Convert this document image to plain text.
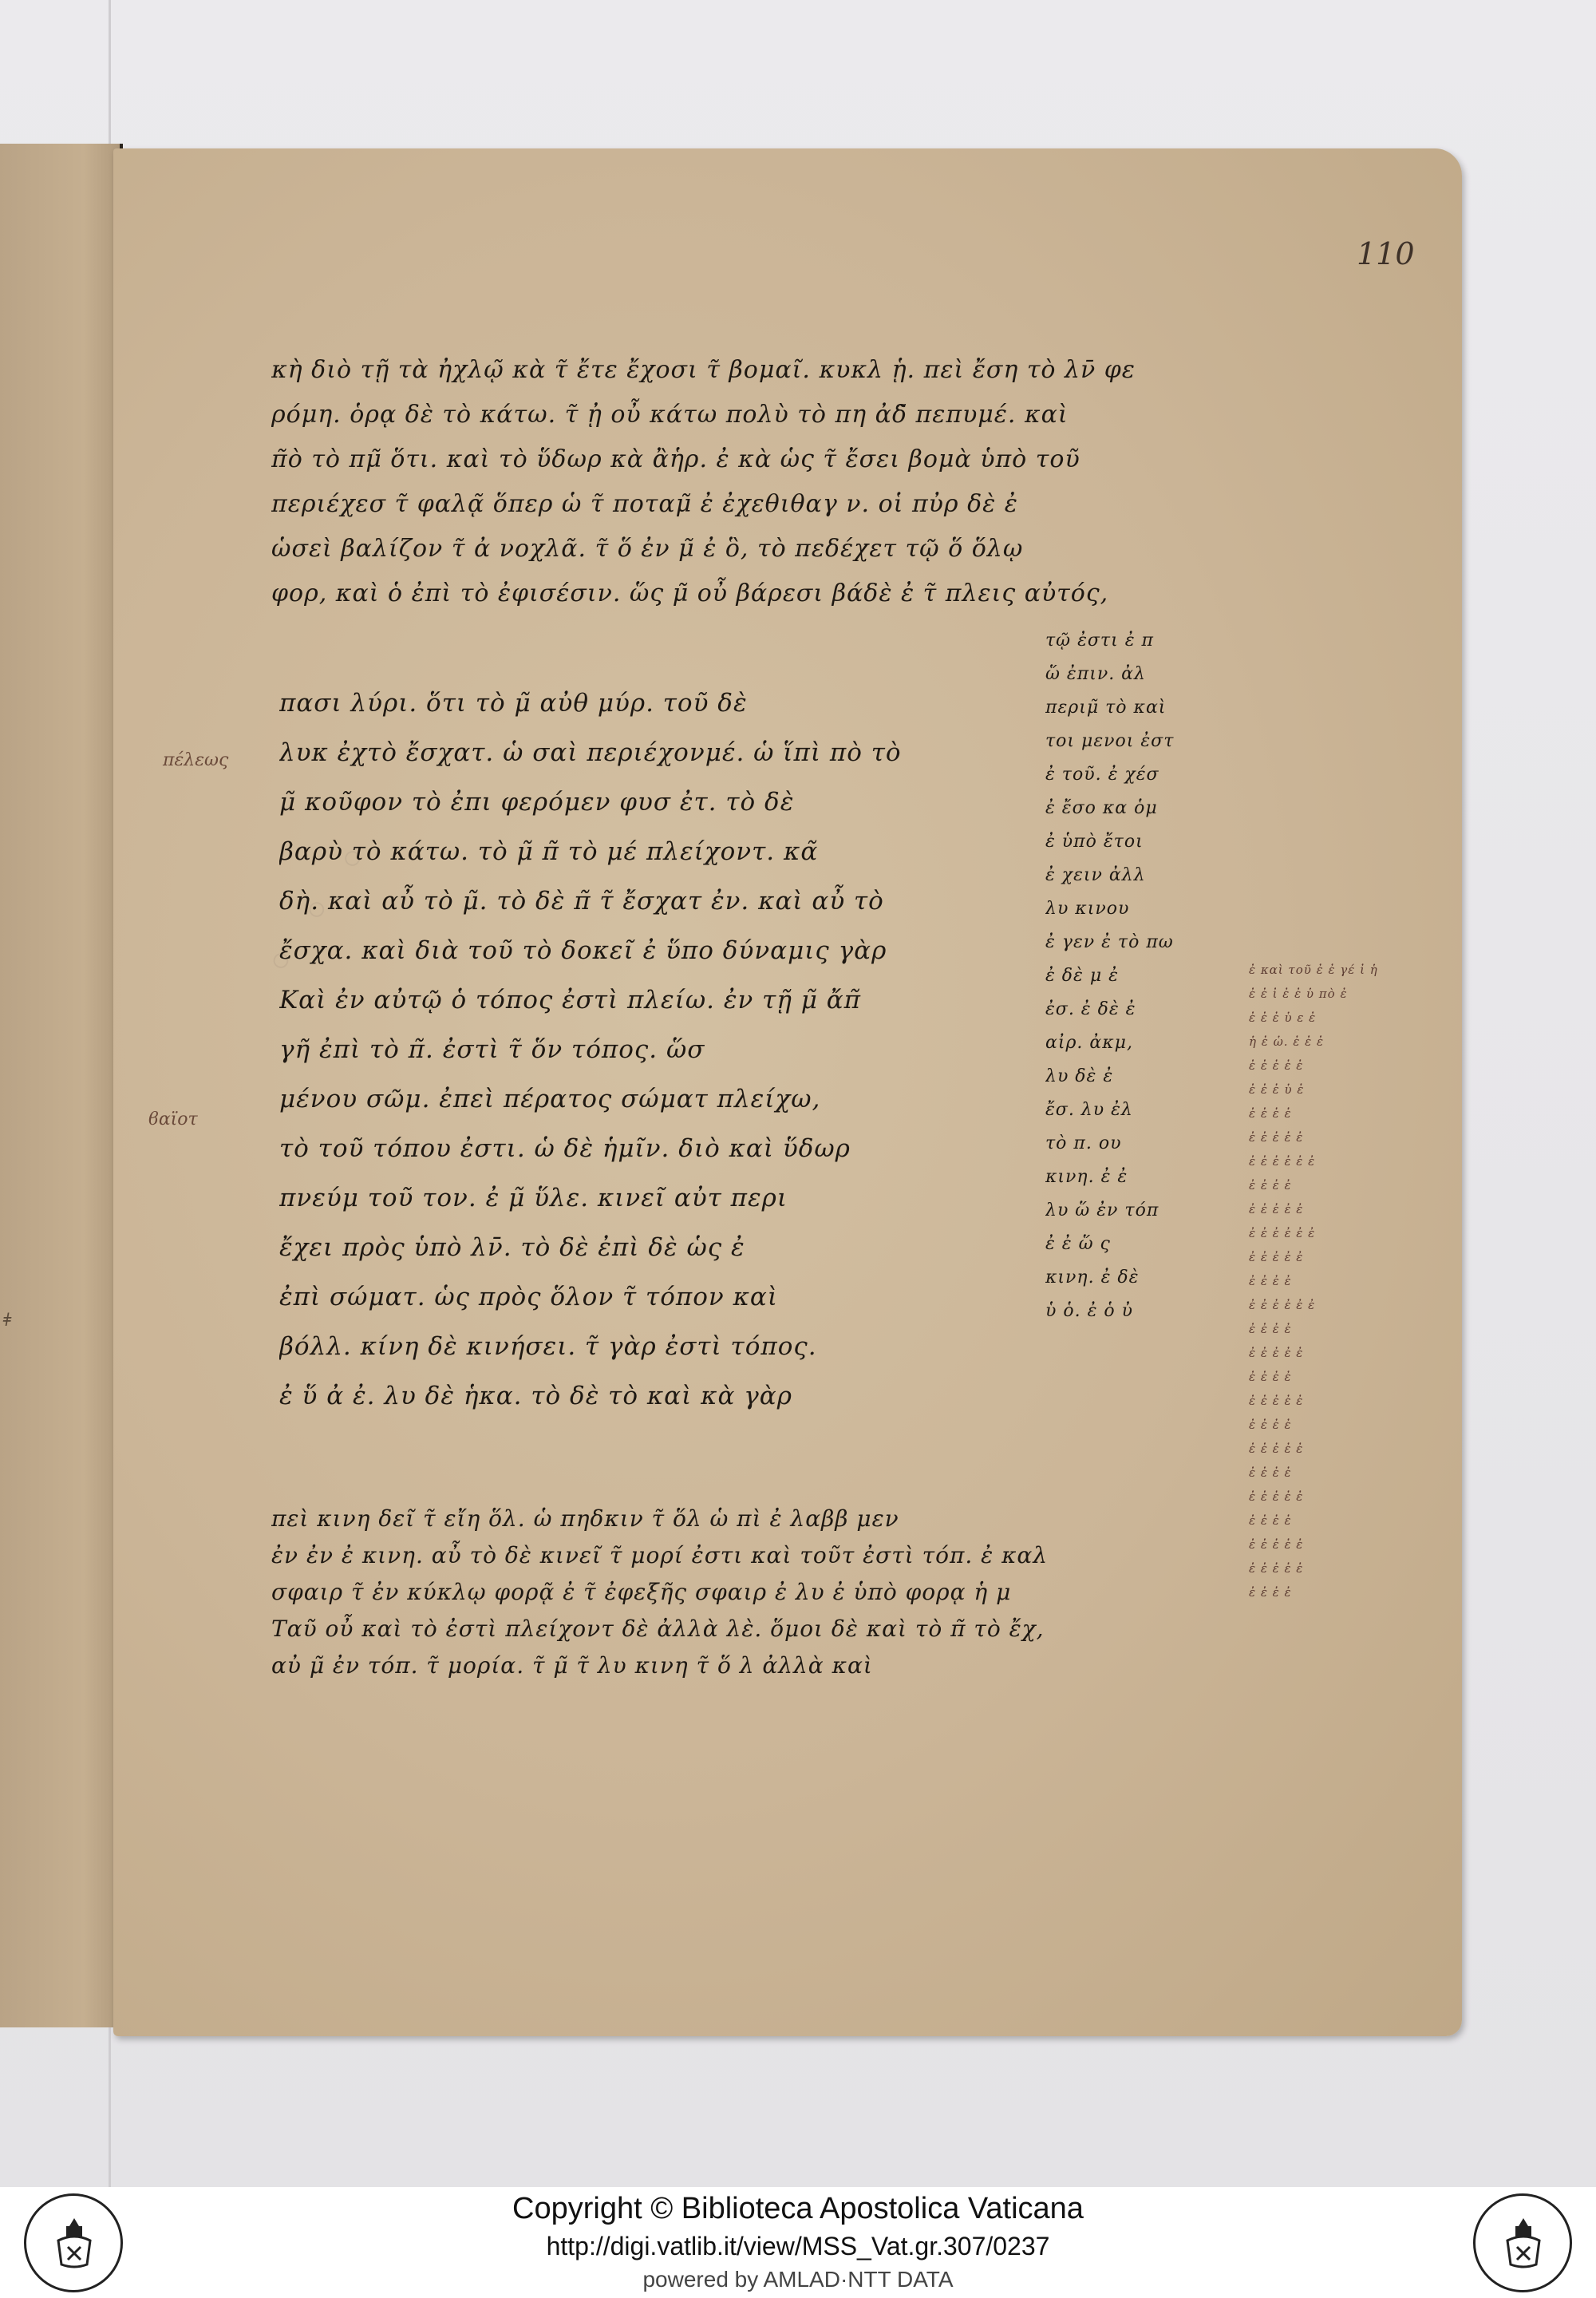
ǂ
110
◦ ◦ ◦
πέλεως
ϐαϊοτ
κὴ διὸ τῇ τὰ ἠχλῳ̃ κὰ τ̃ ἔτε ἔχοσι τ̃ βομαῖ. κυκλ ᾑ. πεὶ ἔση τὸ λν̄ φε
ρόμη. ὁρᾳ δὲ τὸ κάτω. τ̃ ᾐ οὖ κάτω πολὺ τὸ πη ἀδ̃ πεπυμέ. καὶ
π̃ὸ τὸ πμ̃ ὅτι. καὶ τὸ ὕδωρ κὰ ἂἡρ. ἐ κὰ ὡς τ̃ ἔσει βομὰ ὑπὸ τοῦ
περιέχεσ τ̃ φαλᾳ̃ ὅπερ ὡ τ̃ ποταμ̃ ἐ ἐχεθιθαγ ν. οἱ πὐρ δὲ ἐ
ὡσεὶ βαλίζον τ̃ ἀ νοχλᾶ. τ̃ ὅ ἐν μ̃ ἐ ὃ, τὸ πεδέχετ τῷ ὅ ὅλῳ
φορ, καὶ ὁ ἐπὶ τὸ ἐφισέσιν. ὥς μ̃ οὖ βάρεσι βάδὲ ἐ τ̃ πλεις αὐτός,
πασι λύρι. ὅτι τὸ μ̃ αὐθ μύρ. τοῦ δὲ
λυκ ἐχτὸ ἔσχατ. ὡ σαὶ περιέχονμέ. ὡ ἵπὶ πὸ τὸ
μ̃ κοῦφον τὸ ἐπι φερόμεν φυσ ἐτ. τὸ δὲ
βαρὺ τὸ κάτω. τὸ μ̃ π̃ τὸ μέ πλείχοντ. κα̃
δὴ. καὶ αὖ τὸ μ̃. τὸ δὲ π̃ τ̃ ἔσχατ ἐν. καὶ αὖ τὸ
ἔσχα. καὶ διὰ τοῦ τὸ δοκεῖ ἐ ὕπο δύναμις γὰρ
Καὶ ἐν αὐτῷ ὁ τόπος ἐστὶ πλείω. ἐν τῇ μ̃ ἄπ̃
γῆ ἐπὶ τὸ π̃. ἐστὶ τ̃ ὅν τόπος. ὥσ
μένου σῶμ. ἐπεὶ πέρατος σώματ πλείχω,
τὸ τοῦ τόπου ἐστι. ὡ δὲ ἡμῖν. διὸ καὶ ὕδωρ
πνεύμ τοῦ τον. ἐ μ̃ ὕλε. κινεῖ αὐτ περι
ἔχει πρὸς ὑπὸ λν̄. τὸ δὲ ἐπὶ δὲ ὡς ἐ
ἐπὶ σώματ. ὡς πρὸς ὅλον τ̃ τόπον καὶ
βόλλ. κίνη δὲ κινήσει. τ̃ γὰρ ἐστὶ τόπος.
ἐ ὕ ἀ ἐ. λυ δὲ ἡκα. τὸ δὲ τὸ καὶ κὰ γὰρ
πεὶ κινη δεῖ τ̃ εἴη ὅλ. ὡ πηδκιν τ̃ ὅλ ὡ πὶ ἐ λαββ μεν
ἐν ἐν ἐ κινη. αὖ τὸ δὲ κινεῖ τ̃ μορί ἐστι καὶ τοῦτ ἐστὶ τόπ. ἐ καλ
σφαιρ τ̃ ἐν κύκλῳ φορᾷ ἐ τ̃ ἐφεξῆς σφαιρ ἐ λυ ἐ ὑπὸ φορᾳ ἡ μ
Ταῦ οὖ καὶ τὸ ἐστὶ πλείχοντ δὲ ἀλλὰ λὲ. ὅμοι δὲ καὶ τὸ π̃ τὸ ἔχ,
αὐ μ̃ ἐν τόπ. τ̃ μορία. τ̃ μ̃ τ̃ λυ κινη τ̃ ὅ λ ἀλλὰ καὶ
τῷ ἐστι ἐ π
ὥ ἐπιν. ἀλ
περιμ̃ τὸ καὶ
τοι μενοι ἐστ
ἐ τοῦ. ἐ χέσ
ἐ ἔσο κα ὁμ
ἐ ὑπὸ ἔτοι
ἐ χειν ἀλλ
λυ κινου
ἐ γεν ἐ τὸ πω
ἐ δὲ μ ἐ
ἐσ. ἐ δὲ ἐ
αἰρ. ἀκμ,
λυ δὲ ἐ
ἔσ. λυ ἐλ
τὸ π. ου
κινη. ἐ ἐ
λυ ὥ ἐν τόπ
ἐ ἐ ὥ ς
κινη. ἐ δὲ
ὑ ὁ. ἐ ὁ ὐ
ἐ καὶ τοῦ ἐ ἐ γέ ἰ ἡ
ἐ ἐ ἰ ἐ ἐ ὑ πὸ ἐ
ἐ ἐ ἐ ὑ ε ἐ
ἡ ἐ ὡ. ἐ ἐ ἐ
ἐ ἐ ἐ ἐ ἐ
ἐ ἐ ἐ ὑ ἐ
ἐ ἐ ἐ ἐ
ἐ ἐ ἐ ἐ ἐ
ἐ ἐ ἐ ἐ ἐ ἐ
ἐ ἐ ἐ ἐ
ἐ ἐ ἐ ἐ ἐ
ἐ ἐ ἐ ἐ ἐ ἐ
ἐ ἐ ἐ ἐ ἐ
ἐ ἐ ἐ ἐ
ἐ ἐ ἐ ἐ ἐ ἐ
ἐ ἐ ἐ ἐ
ἐ ἐ ἐ ἐ ἐ
ἐ ἐ ἐ ἐ
ἐ ἐ ἐ ἐ ἐ
ἐ ἐ ἐ ἐ
ἐ ἐ ἐ ἐ ἐ
ἐ ἐ ἐ ἐ
ἐ ἐ ἐ ἐ ἐ
ἐ ἐ ἐ ἐ
ἐ ἐ ἐ ἐ ἐ
ἐ ἐ ἐ ἐ ἐ
ἐ ἐ ἐ ἐ
Copyright © Biblioteca Apostolica Vaticana
http://digi.vatlib.it/view/MSS_Vat.gr.307/0237
powered by AMLAD·NTT DATA
